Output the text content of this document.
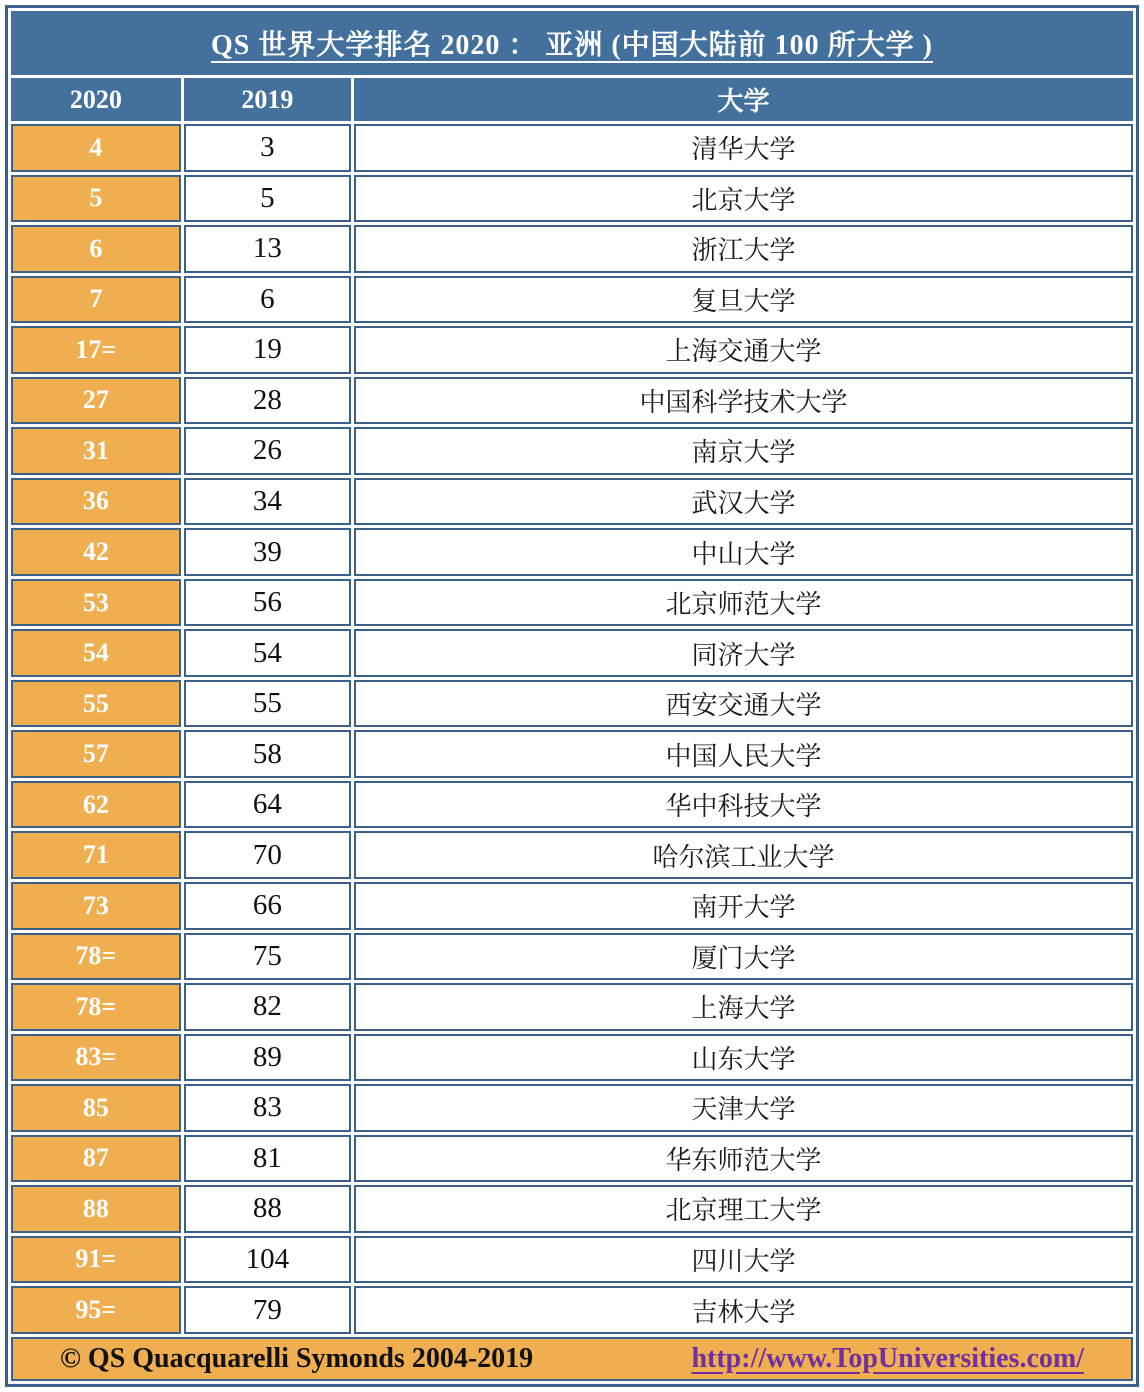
QS 世界大学排名 2020 ： 亚洲 (中国大陆前 100 所大学 )		
2020	2019	大学
4	3	清华大学
5	5	北京大学
6	13	浙江大学
7	6	复旦大学
17=	19	上海交通大学
27	28	中国科学技术大学
31	26	南京大学
36	34	武汉大学
42	39	中山大学
53	56	北京师范大学
54	54	同济大学
55	55	西安交通大学
57	58	中国人民大学
62	64	华中科技大学
71	70	哈尔滨工业大学
73	66	南开大学
78=	75	厦门大学
78=	82	上海大学
83=	89	山东大学
85	83	天津大学
87	81	华东师范大学
88	88	北京理工大学
91=	104	四川大学
95=	79	吉林大学

© QS Quacquarelli Symonds 2004-2019 http://www.TopUniversities.com/		
